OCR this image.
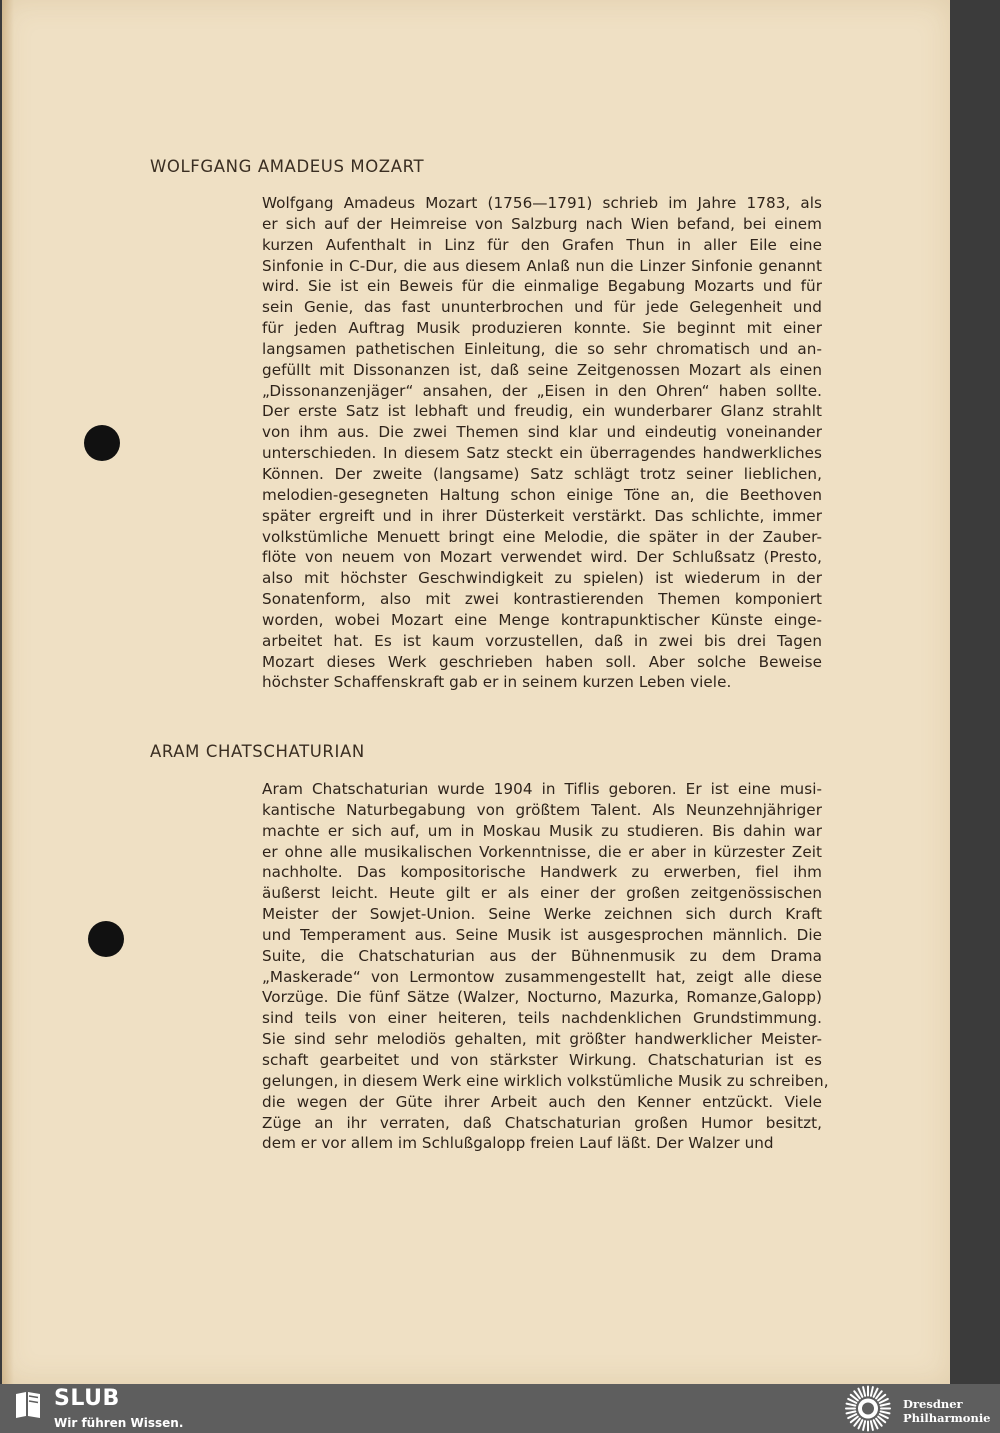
WOLFGANG AMADEUS MOZART
Wolfgang Amadeus Mozart (1756—1791) schrieb im Jahre 1783, als
er sich auf der Heimreise von Salzburg nach Wien befand, bei einem
kurzen Aufenthalt in Linz für den Grafen Thun in aller Eile eine
Sinfonie in C-Dur, die aus diesem Anlaß nun die Linzer Sinfonie genannt
wird. Sie ist ein Beweis für die einmalige Begabung Mozarts und für
sein Genie, das fast ununterbrochen und für jede Gelegenheit und
für jeden Auftrag Musik produzieren konnte. Sie beginnt mit einer
langsamen pathetischen Einleitung, die so sehr chromatisch und an-
gefüllt mit Dissonanzen ist, daß seine Zeitgenossen Mozart als einen
„Dissonanzenjäger“ ansahen, der „Eisen in den Ohren“ haben sollte.
Der erste Satz ist lebhaft und freudig, ein wunderbarer Glanz strahlt
von ihm aus. Die zwei Themen sind klar und eindeutig voneinander
unterschieden. In diesem Satz steckt ein überragendes handwerkliches
Können. Der zweite (langsame) Satz schlägt trotz seiner lieblichen,
melodien-gesegneten Haltung schon einige Töne an, die Beethoven
später ergreift und in ihrer Düsterkeit verstärkt. Das schlichte, immer
volkstümliche Menuett bringt eine Melodie, die später in der Zauber-
flöte von neuem von Mozart verwendet wird. Der Schlußsatz (Presto,
also mit höchster Geschwindigkeit zu spielen) ist wiederum in der
Sonatenform, also mit zwei kontrastierenden Themen komponiert
worden, wobei Mozart eine Menge kontrapunktischer Künste einge-
arbeitet hat. Es ist kaum vorzustellen, daß in zwei bis drei Tagen
Mozart dieses Werk geschrieben haben soll. Aber solche Beweise
höchster Schaffenskraft gab er in seinem kurzen Leben viele.
ARAM CHATSCHATURIAN
Aram Chatschaturian wurde 1904 in Tiflis geboren. Er ist eine musi-
kantische Naturbegabung von größtem Talent. Als Neunzehnjähriger
machte er sich auf, um in Moskau Musik zu studieren. Bis dahin war
er ohne alle musikalischen Vorkenntnisse, die er aber in kürzester Zeit
nachholte. Das kompositorische Handwerk zu erwerben, fiel ihm
äußerst leicht. Heute gilt er als einer der großen zeitgenössischen
Meister der Sowjet-Union. Seine Werke zeichnen sich durch Kraft
und Temperament aus. Seine Musik ist ausgesprochen männlich. Die
Suite, die Chatschaturian aus der Bühnenmusik zu dem Drama
„Maskerade“ von Lermontow zusammengestellt hat, zeigt alle diese
Vorzüge. Die fünf Sätze (Walzer, Nocturno, Mazurka, Romanze,Galopp)
sind teils von einer heiteren, teils nachdenklichen Grundstimmung.
Sie sind sehr melodiös gehalten, mit größter handwerklicher Meister-
schaft gearbeitet und von stärkster Wirkung. Chatschaturian ist es
gelungen, in diesem Werk eine wirklich volkstümliche Musik zu schreiben,
die wegen der Güte ihrer Arbeit auch den Kenner entzückt. Viele
Züge an ihr verraten, daß Chatschaturian großen Humor besitzt,
dem er vor allem im Schlußgalopp freien Lauf läßt. Der Walzer und
SLUB
Wir führen Wissen.
Dresdner
Philharmonie
